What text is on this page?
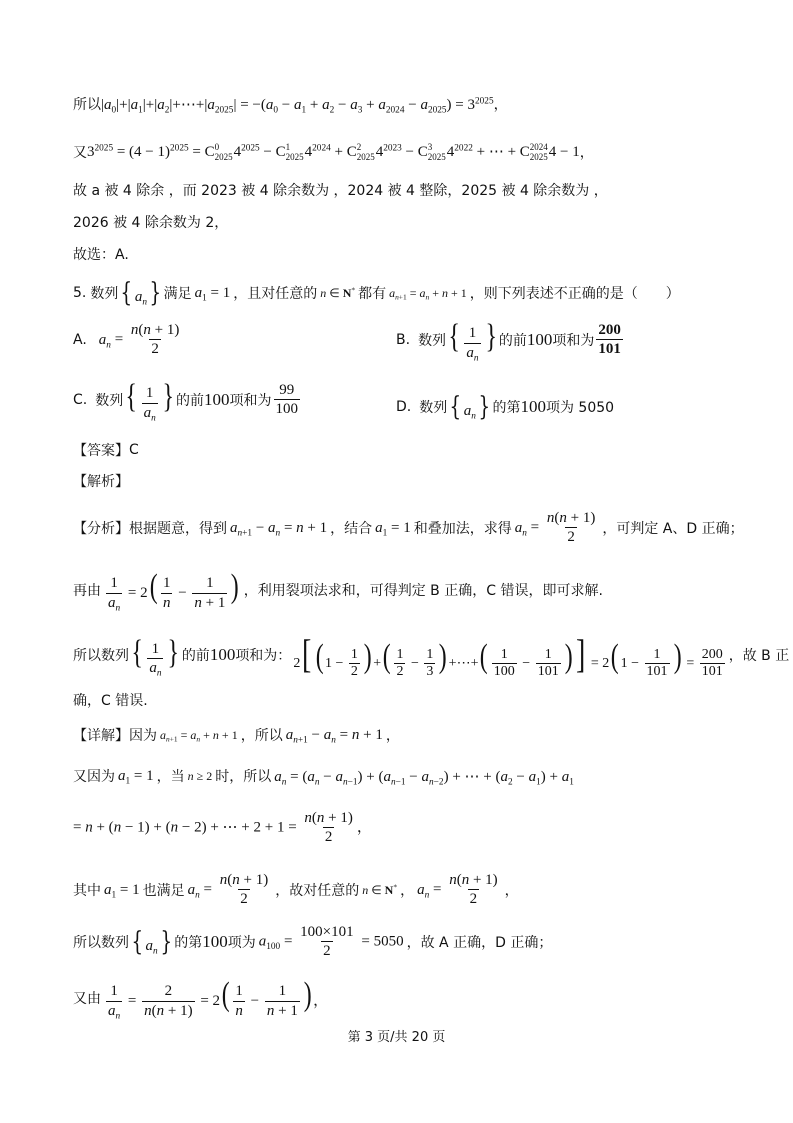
所以 $|a_0|+|a_1|+|a_2|+\cdots+|a_{2025}| = -(a_0 - a_1 + a_2 - a_3 + a_{2024} - a_{2025}) = 3^{2025}$ ，
又 $3^{2025} = (4 - 1)^{2025} = C$ 0
2025 $4^{2025} - C$ 1
2025 $4^{2024} + C$ 2
2025 $4^{2023} - C$ 3
2025 $4^{2022}$ + ⋯ + C 2024
2025 4 − 1 ，
故 a 被 4 除余 ，而 2023 被 4 除余数为 ，2024 被 4 整除，2025 被 4 除余数为 ，
2026 被 4 除余数为 2，
故选：A.
5. 数列 { $a_n$} 满足 $a_1 = 1$ ，且对任意的 n ∈ N* 都有 $a_{n+1} = a_n + n + 1$ ，则下列表述不正确的是（　　）
A. $a_n = \frac{n(n + 1)}{2}$	B. 数列 { $\frac{1}{a_n}$ } 的前 100 项和为 $\frac{200}{101}$
C. 数列 { $\frac{1}{a_n}$ } 的前 100 项和为 $\frac{99}{100}$	D. 数列 { $a_n$} 的第 100 项为 5050
【答案】 C
【解析】
【分析】 根据题意，得到 $a_{n+1} - a_n = n + 1$ ，结合 $a_1 = 1$ 和叠加法，求得 $a_n = \frac{n(n + 1)}{2}$ ，可判定 A、D 正确；
再由 $\frac{1}{a_n} = 2( \frac{1}{n} - \frac{1}{n + 1}$ ) ，利用裂项法求和，可得判定 B 正确，C 错误，即可求解.
所以数列 { $\frac{1}{a_n}$ } 的前 100 项和为： 2[ ( $1 - \frac{1}{2}$ ) +( $\frac{1}{2} - \frac{1}{3}$ ) +⋯+( $\frac{1}{100} - \frac{1}{101}$ )] = 2( $1 - \frac{1}{101}$ ) = $\frac{200}{101}$ ，故 B 正
确，C 错误.
【详解】 因为 $a_{n+1} = a_n + n + 1$ ，所以 $a_{n+1} - a_n = n + 1$ ，
又因为 $a_1 = 1$ ，当 n ≥ 2 时，所以 $a_n = (a_n - a_{n-1}) + (a_{n-1} - a_{n-2})$ + ⋯ + $(a_2 - a_1) + a_1$
= n + (n − 1) + (n − 2) + ⋯ + $2 + 1 = \frac{n(n + 1)}{2}$ ，
其中 $a_1 = 1$ 也满足 $a_n = \frac{n(n + 1)}{2}$ ，故对任意的 n ∈ N* ， $a_n = \frac{n(n + 1)}{2}$ ，
所以数列 { $a_n$} 的第 100 项为 $a_{100} = \frac{100\times 101}{2} = 5050$ ，故 A 正确，D 正确；
又由 $\frac{1}{a_n} = \frac{2}{n(n + 1)} = 2( \frac{1}{n} - \frac{1}{n + 1}$ ) ，
第 3 页/共 20 页
